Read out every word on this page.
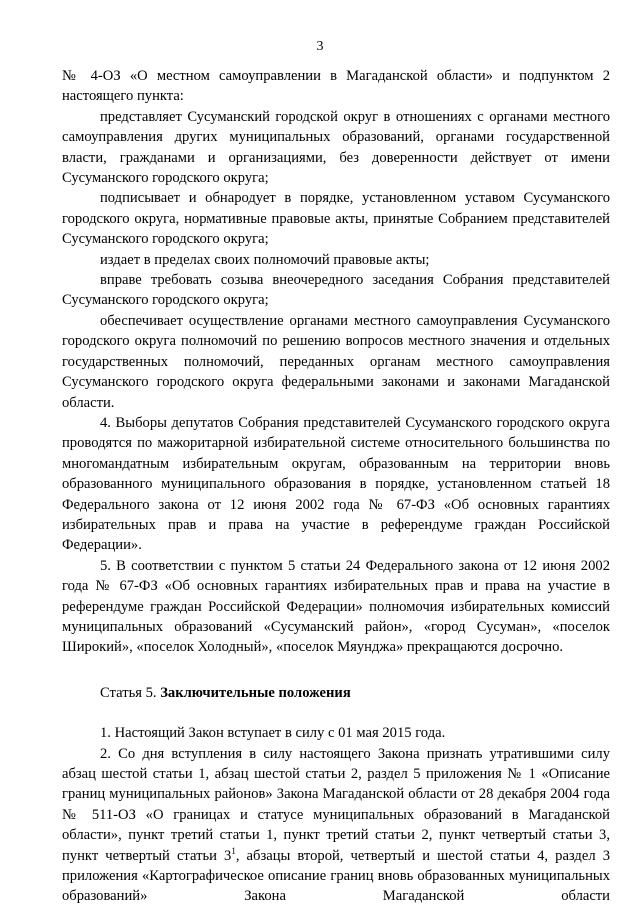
3

№ 4-ОЗ «О местном самоуправлении в Магаданской области» и подпунктом 2 настоящего пункта:

представляет Сусуманский городской округ в отношениях с органами местного самоуправления других муниципальных образований, органами государственной власти, гражданами и организациями, без доверенности действует от имени Сусуманского городского округа;

подписывает и обнародует в порядке, установленном уставом Сусуманского городского округа, нормативные правовые акты, принятые Собранием представителей Сусуманского городского округа;

издает в пределах своих полномочий правовые акты;

вправе требовать созыва внеочередного заседания Собрания представителей Сусуманского городского округа;

обеспечивает осуществление органами местного самоуправления Сусуманского городского округа полномочий по решению вопросов местного значения и отдельных государственных полномочий, переданных органам местного самоуправления Сусуманского городского округа федеральными законами и законами Магаданской области.

4. Выборы депутатов Собрания представителей Сусуманского городского округа проводятся по мажоритарной избирательной системе относительного большинства по многомандатным избирательным округам, образованным на территории вновь образованного муниципального образования в порядке, установленном статьей 18 Федерального закона от 12 июня 2002 года № 67-ФЗ «Об основных гарантиях избирательных прав и права на участие в референдуме граждан Российской Федерации».

5. В соответствии с пунктом 5 статьи 24 Федерального закона от 12 июня 2002 года № 67-ФЗ «Об основных гарантиях избирательных прав и права на участие в референдуме граждан Российской Федерации» полномочия избирательных комиссий муниципальных образований «Сусуманский район», «город Сусуман», «поселок Широкий», «поселок Холодный», «поселок Мяунджа» прекращаются досрочно.

Статья 5. Заключительные положения

1. Настоящий Закон вступает в силу с 01 мая 2015 года.

2. Со дня вступления в силу настоящего Закона признать утратившими силу абзац шестой статьи 1, абзац шестой статьи 2, раздел 5 приложения № 1 «Описание границ муниципальных районов» Закона Магаданской области от 28 декабря 2004 года № 511-ОЗ «О границах и статусе муниципальных образований в Магаданской области», пункт третий статьи 1, пункт третий статьи 2, пункт четвертый статьи 3, пункт четвертый статьи $3^1$, абзацы второй, четвертый и шестой статьи 4, раздел 3 приложения «Картографическое описание границ вновь образованных муниципальных образований» Закона Магаданской области
